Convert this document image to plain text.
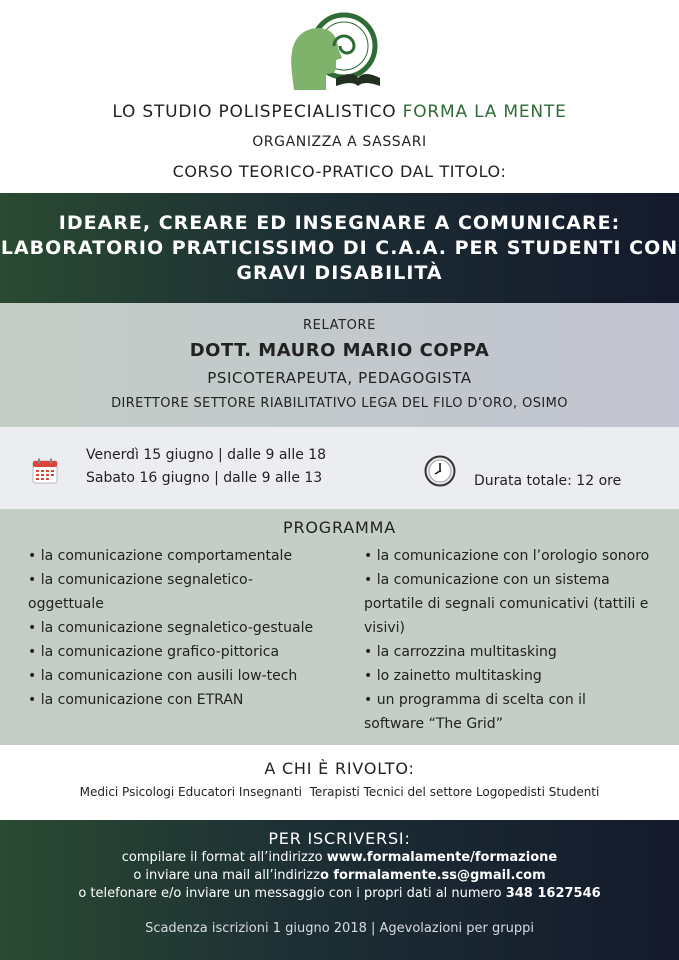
LO STUDIO POLISPECIALISTICO FORMA LA MENTE
ORGANIZZA A SASSARI
CORSO TEORICO-PRATICO DAL TITOLO:
IDEARE, CREARE ED INSEGNARE A COMUNICARE:
LABORATORIO PRATICISSIMO DI C.A.A. PER STUDENTI CON
GRAVI DISABILITÀ
RELATORE
DOTT. MAURO MARIO COPPA
PSICOTERAPEUTA, PEDAGOGISTA
DIRETTORE SETTORE RIABILITATIVO LEGA DEL FILO D’ORO, OSIMO
Venerdì 15 giugno | dalle 9 alle 18
Sabato 16 giugno | dalle 9 alle 13	Durata totale: 12 ore
PROGRAMMA

• la comunicazione comportamentale

• la comunicazione segnaletico-
oggettuale

• la comunicazione segnaletico-gestuale

• la comunicazione grafico-pittorica

• la comunicazione con ausili low-tech

• la comunicazione con ETRAN

• la comunicazione con l’orologio sonoro

• la comunicazione con un sistema
portatile di segnali comunicativi (tattili e
visivi)

• la carrozzina multitasking

• lo zainetto multitasking

• un programma di scelta con il
software “The Grid”

A CHI È RIVOLTO:
Medici Psicologi Educatori Insegnanti  Terapisti Tecnici del settore Logopedisti Studenti
PER ISCRIVERSI:
compilare il format all’indirizzo www.formalamente/formazione
o inviare una mail all’indirizzo formalamente.ss@gmail.com
o telefonare e/o inviare un messaggio con i propri dati al numero 348 1627546
Scadenza iscrizioni 1 giugno 2018 | Agevolazioni per gruppi
